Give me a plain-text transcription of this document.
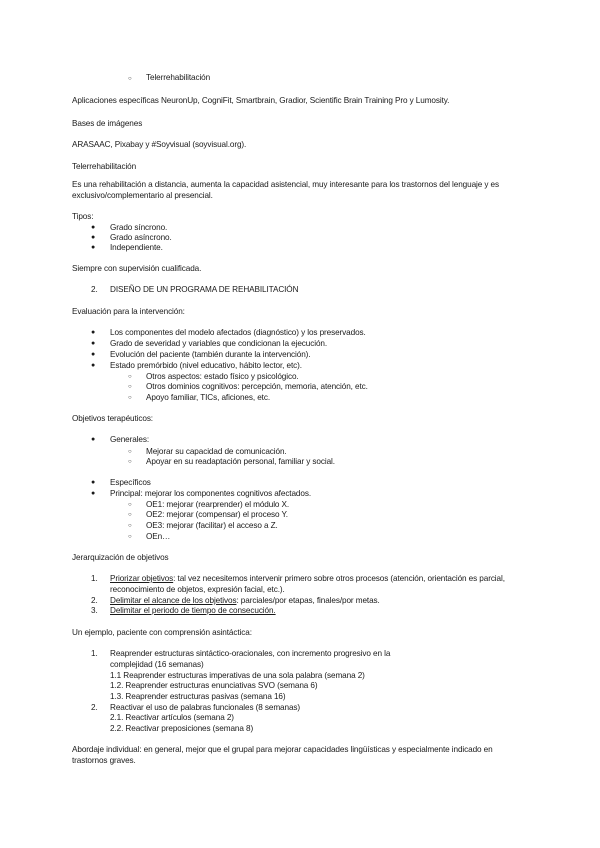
○ Telerrehabilitación
Aplicaciones específicas NeuronUp, CogniFit, Smartbrain, Gradior, Scientific Brain Training Pro y Lumosity.
Bases de imágenes
ARASAAC, Pixabay y #Soyvisual (soyvisual.org).
Telerrehabilitación
Es una rehabilitación a distancia, aumenta la capacidad asistencial, muy interesante para los trastornos del lenguaje y es
exclusivo/complementario al presencial.
Tipos:
● Grado síncrono.
● Grado asíncrono.
● Independiente.
Siempre con supervisión cualificada.
2. DISEÑO DE UN PROGRAMA DE REHABILITACIÓN
Evaluación para la intervención:
● Los componentes del modelo afectados (diagnóstico) y los preservados.
● Grado de severidad y variables que condicionan la ejecución.
● Evolución del paciente (también durante la intervención).
● Estado premórbido (nivel educativo, hábito lector, etc).
○ Otros aspectos: estado físico y psicológico.
○ Otros dominios cognitivos: percepción, memoria, atención, etc.
○ Apoyo familiar, TICs, aficiones, etc.
Objetivos terapéuticos:
● Generales:
○ Mejorar su capacidad de comunicación.
○ Apoyar en su readaptación personal, familiar y social.
● Específicos
● Principal: mejorar los componentes cognitivos afectados.
○ OE1: mejorar (rearprender) el módulo X.
○ OE2: mejorar (compensar) el proceso Y.
○ OE3: mejorar (facilitar) el acceso a Z.
○ OEn…
Jerarquización de objetivos
1. Priorizar objetivos: tal vez necesitemos intervenir primero sobre otros procesos (atención, orientación es parcial,
reconocimiento de objetos, expresión facial, etc.).
2. Delimitar el alcance de los objetivos: parciales/por etapas, finales/por metas.
3. Delimitar el periodo de tiempo de consecución.
Un ejemplo, paciente con comprensión asintáctica:
1. Reaprender estructuras sintáctico-oracionales, con incremento progresivo en la
complejidad (16 semanas)
1.1 Reaprender estructuras imperativas de una sola palabra (semana 2)
1.2. Reaprender estructuras enunciativas SVO (semana 6)
1.3. Reaprender estructuras pasivas (semana 16)
2. Reactivar el uso de palabras funcionales (8 semanas)
2.1. Reactivar artículos (semana 2)
2.2. Reactivar preposiciones (semana 8)
Abordaje individual: en general, mejor que el grupal para mejorar capacidades lingüísticas y especialmente indicado en
trastornos graves.
